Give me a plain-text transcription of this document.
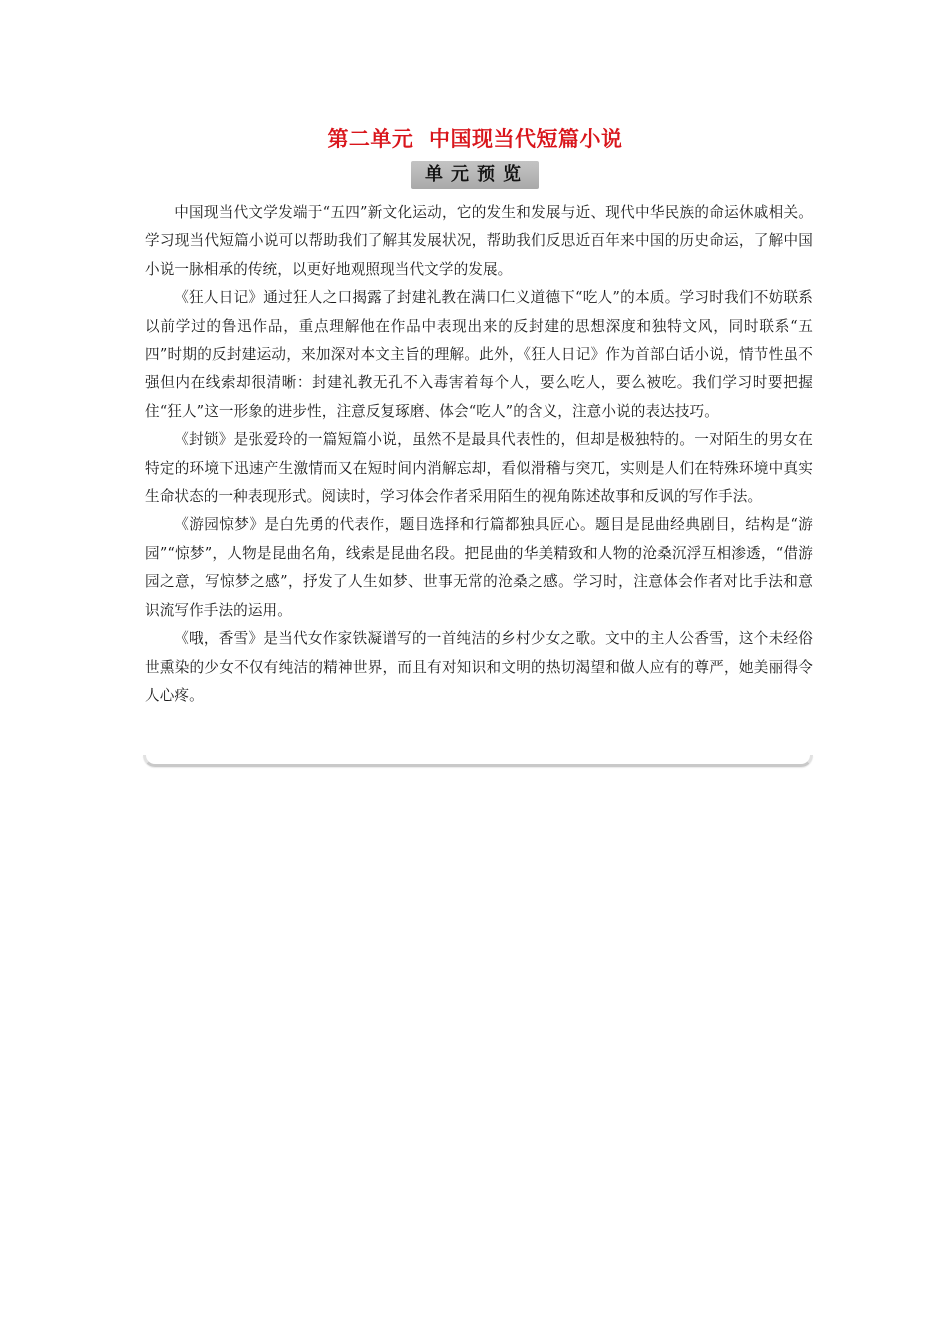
第二单元  中国现当代短篇小说
单元预览

中国现当代文学发端于“五四”新文化运动，它的发生和发展与近、现代中华民族的命运休戚相关。学习现当代短篇小说可以帮助我们了解其发展状况，帮助我们反思近百年来中国的历史命运，了解中国小说一脉相承的传统，以更好地观照现当代文学的发展。

《狂人日记》通过狂人之口揭露了封建礼教在满口仁义道德下“吃人”的本质。学习时我们不妨联系以前学过的鲁迅作品，重点理解他在作品中表现出来的反封建的思想深度和独特文风，同时联系“五四”时期的反封建运动，来加深对本文主旨的理解。此外，《狂人日记》作为首部白话小说，情节性虽不强但内在线索却很清晰：封建礼教无孔不入毒害着每个人，要么吃人，要么被吃。我们学习时要把握住“狂人”这一形象的进步性，注意反复琢磨、体会“吃人”的含义，注意小说的表达技巧。

《封锁》是张爱玲的一篇短篇小说，虽然不是最具代表性的，但却是极独特的。一对陌生的男女在特定的环境下迅速产生激情而又在短时间内消解忘却，看似滑稽与突兀，实则是人们在特殊环境中真实生命状态的一种表现形式。阅读时，学习体会作者采用陌生的视角陈述故事和反讽的写作手法。

《游园惊梦》是白先勇的代表作，题目选择和行篇都独具匠心。题目是昆曲经典剧目，结构是“游园”“惊梦”，人物是昆曲名角，线索是昆曲名段。把昆曲的华美精致和人物的沧桑沉浮互相渗透，“借游园之意，写惊梦之感”，抒发了人生如梦、世事无常的沧桑之感。学习时，注意体会作者对比手法和意识流写作手法的运用。

《哦，香雪》是当代女作家铁凝谱写的一首纯洁的乡村少女之歌。文中的主人公香雪，这个未经俗世熏染的少女不仅有纯洁的精神世界，而且有对知识和文明的热切渴望和做人应有的尊严，她美丽得令人心疼。
